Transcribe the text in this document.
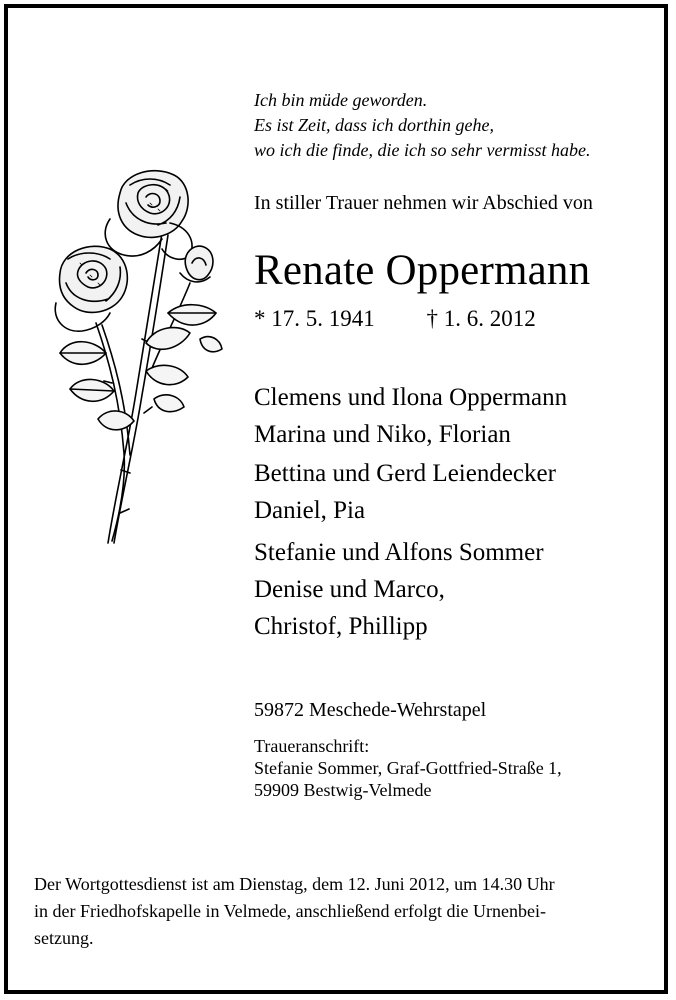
Ich bin müde geworden.
Es ist Zeit, dass ich dorthin gehe,
wo ich die finde, die ich so sehr vermisst habe.
In stiller Trauer nehmen wir Abschied von
Renate Oppermann
* 17. 5. 1941 † 1. 6. 2012
Clemens und Ilona Oppermann
Marina und Niko, Florian
Bettina und Gerd Leiendecker
Daniel, Pia
Stefanie und Alfons Sommer
Denise und Marco,
Christof, Phillipp
59872 Meschede-Wehrstapel
Traueranschrift:
Stefanie Sommer, Graf-Gottfried-Straße 1,
59909 Bestwig-Velmede
Der Wortgottesdienst ist am Dienstag, dem 12. Juni 2012, um 14.30 Uhr
in der Friedhofskapelle in Velmede, anschließend erfolgt die Urnenbei-
setzung.
